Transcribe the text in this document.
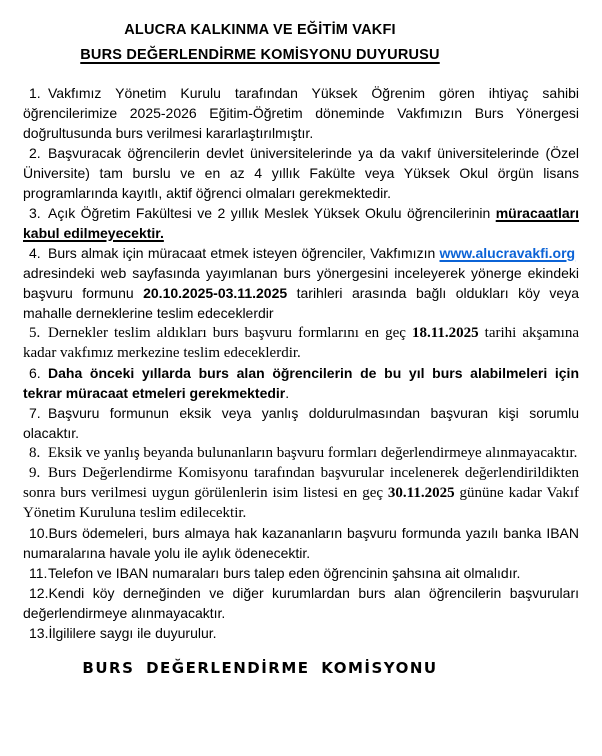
ALUCRA KALKINMA VE EĞİTİM VAKFI
BURS DEĞERLENDİRME KOMİSYONU DUYURUSU

1. Vakfımız Yönetim Kurulu tarafından Yüksek Öğrenim gören ihtiyaç sahibi öğrencilerimize 2025-2026 Eğitim-Öğretim döneminde Vakfımızın Burs Yönergesi doğrultusunda burs verilmesi kararlaştırılmıştır.

2. Başvuracak öğrencilerin devlet üniversitelerinde ya da vakıf üniversitelerinde (Özel Üniversite) tam burslu ve en az 4 yıllık Fakülte veya Yüksek Okul örgün lisans programlarında kayıtlı, aktif öğrenci olmaları gerekmektedir.

3. Açık Öğretim Fakültesi ve 2 yıllık Meslek Yüksek Okulu öğrencilerinin müracaatları kabul edilmeyecektir.

4. Burs almak için müracaat etmek isteyen öğrenciler, Vakfımızın www.alucravakfi.org  adresindeki web sayfasında yayımlanan burs yönergesini inceleyerek yönerge ekindeki başvuru formunu 20.10.2025-03.11.2025 tarihleri arasında bağlı oldukları köy veya mahalle derneklerine teslim edeceklerdir

5. Dernekler teslim aldıkları burs başvuru formlarını en geç 18.11.2025 tarihi akşamına kadar vakfımız merkezine teslim edeceklerdir.

6. Daha önceki yıllarda burs alan öğrencilerin de bu yıl burs alabilmeleri için tekrar müracaat etmeleri gerekmektedir.

7. Başvuru formunun eksik veya yanlış doldurulmasından başvuran kişi sorumlu olacaktır.

8. Eksik ve yanlış beyanda bulunanların başvuru formları değerlendirmeye alınmayacaktır.

9. Burs Değerlendirme Komisyonu tarafından başvurular incelenerek değerlendirildikten sonra burs verilmesi uygun görülenlerin isim listesi en geç 30.11.2025 gününe kadar Vakıf Yönetim Kuruluna teslim edilecektir.

10.Burs ödemeleri, burs almaya hak kazananların başvuru formunda yazılı banka IBAN numaralarına havale yolu ile aylık ödenecektir.

11.Telefon ve IBAN numaraları burs talep eden öğrencinin şahsına ait olmalıdır.

12.Kendi köy derneğinden ve diğer kurumlardan burs alan öğrencilerin başvuruları değerlendirmeye alınmayacaktır.

13.İlgililere saygı ile duyurulur.

BURS DEĞERLENDİRME KOMİSYONU
